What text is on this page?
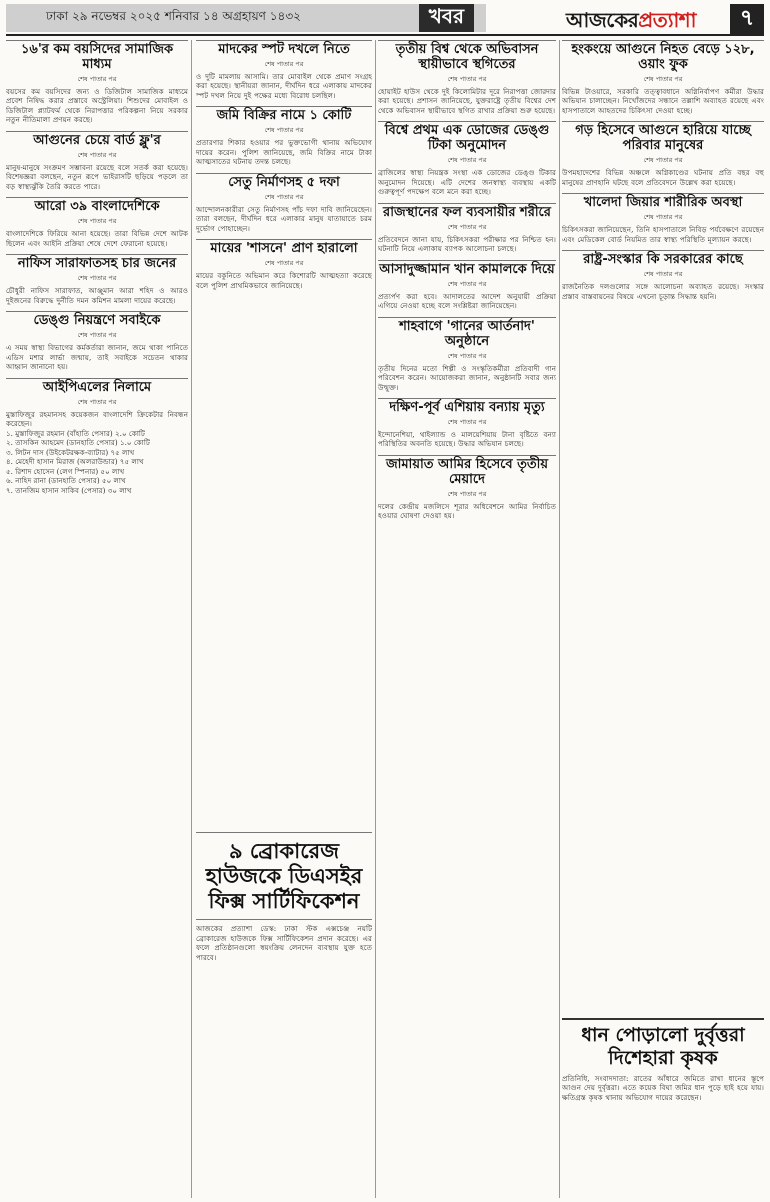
ঢাকা ২৯ নভেম্বর ২০২৫ শনিবার ১৪ অগ্রহায়ণ ১৪৩২	খবর	আজকেরপ্রত্যাশা	৭
১৬'র কম বয়সিদের সামাজিক মাধ্যম
শেষ পাতার পর

বয়সের কম বয়সিদের জন্য ও ডিজিটাল সামাজিক মাধ্যমে প্রবেশ নিষিদ্ধ করার প্রস্তাবে অস্ট্রেলিয়া। শিশুদের মোবাইল ও ডিজিটাল প্ল্যাটফর্ম থেকে নিরাপত্তার পরিকল্পনা নিয়ে সরকার নতুন নীতিমালা প্রণয়ন করছে।

আগুনের চেয়ে বার্ড ফ্লু'র
শেষ পাতার পর

মানুষ-মানুষে সংক্রমণ সম্ভাবনা রয়েছে বলে সতর্ক করা হয়েছে। বিশেষজ্ঞরা বলছেন, নতুন রূপে ভাইরাসটি ছড়িয়ে পড়লে তা বড় স্বাস্থ্যঝুঁকি তৈরি করতে পারে।

আরো ৩৯ বাংলাদেশিকে
শেষ পাতার পর

বাংলাদেশিকে ফিরিয়ে আনা হয়েছে। তারা বিভিন্ন দেশে আটক ছিলেন এবং আইনি প্রক্রিয়া শেষে দেশে ফেরানো হয়েছে।

নাফিস সারাফাতসহ চার জনের
শেষ পাতার পর

চৌধুরী নাফিস সারাফাত, আঞ্জুমান আরা শহিদ ও আরও দুইজনের বিরুদ্ধে দুর্নীতি দমন কমিশন মামলা দায়ের করেছে।

ডেঙ্গু নিয়ন্ত্রণে সবাইকে
শেষ পাতার পর

এ সময় স্বাস্থ্য বিভাগের কর্মকর্তারা জানান, জমে থাকা পানিতে এডিস মশার লার্ভা জন্মায়, তাই সবাইকে সচেতন থাকার আহ্বান জানানো হয়।

আইপিএলের নিলামে
শেষ পাতার পর

মুস্তাফিজুর রহমানসহ কয়েকজন বাংলাদেশি ক্রিকেটার নিবন্ধন করেছেন।

১. মুস্তাফিজুর রহমান (বাঁহাতি পেসার) ২.০ কোটি
২. তাসকিন আহমেদ (ডানহাতি পেসার) ১.০ কোটি
৩. লিটন দাস (উইকেটরক্ষক-ব্যাটার) ৭৫ লাখ
৪. মেহেদী হাসান মিরাজ (অলরাউন্ডার) ৭৫ লাখ
৫. রিশাদ হোসেন (লেগ স্পিনার) ৫০ লাখ
৬. নাহিদ রানা (ডানহাতি পেসার) ৫০ লাখ
৭. তানজিম হাসান সাকিব (পেসার) ৩০ লাখ
মাদকের স্পট দখলে নিতে
শেষ পাতার পর

ও দুটি মামলায় আসামি। তার মোবাইল থেকে প্রমাণ সংগ্রহ করা হয়েছে। স্থানীয়রা জানান, দীর্ঘদিন ধরে এলাকায় মাদকের স্পট দখল নিয়ে দুই পক্ষের মধ্যে বিরোধ চলছিল।

জমি বিক্রির নামে ১ কোটি
শেষ পাতার পর

প্রতারণার শিকার হওয়ার পর ভুক্তভোগী থানায় অভিযোগ দায়ের করেন। পুলিশ জানিয়েছে, জমি বিক্রির নামে টাকা আত্মসাতের ঘটনায় তদন্ত চলছে।

সেতু নির্মাণসহ ৫ দফা
শেষ পাতার পর

আন্দোলনকারীরা সেতু নির্মাণসহ পাঁচ দফা দাবি জানিয়েছেন। তারা বলছেন, দীর্ঘদিন ধরে এলাকার মানুষ যাতায়াতে চরম দুর্ভোগ পোহাচ্ছেন।

মায়ের 'শাসনে' প্রাণ হারালো
শেষ পাতার পর

মায়ের বকুনিতে অভিমান করে কিশোরটি আত্মহত্যা করেছে বলে পুলিশ প্রাথমিকভাবে জানিয়েছে।

৯ ব্রোকারেজ হাউজকে ডিএসইর ফিক্স সার্টিফিকেশন

আজকের প্রত্যাশা ডেস্ক: ঢাকা স্টক এক্সচেঞ্জ নয়টি ব্রোকারেজ হাউজকে ফিক্স সার্টিফিকেশন প্রদান করেছে। এর ফলে প্রতিষ্ঠানগুলো স্বয়ংক্রিয় লেনদেন ব্যবস্থায় যুক্ত হতে পারবে।

তৃতীয় বিশ্ব থেকে অভিবাসন স্থায়ীভাবে স্থগিতের
শেষ পাতার পর

হোয়াইট হাউস থেকে দুই কিলোমিটার দূরে নিরাপত্তা জোরদার করা হয়েছে। প্রশাসন জানিয়েছে, যুক্তরাষ্ট্রে তৃতীয় বিশ্বের দেশ থেকে অভিবাসন স্থায়ীভাবে স্থগিত রাখার প্রক্রিয়া শুরু হয়েছে।

বিশ্বে প্রথম এক ডোজের ডেঙ্গু টিকা অনুমোদন
শেষ পাতার পর

ব্রাজিলের স্বাস্থ্য নিয়ন্ত্রক সংস্থা এক ডোজের ডেঙ্গু টিকার অনুমোদন দিয়েছে। এটি দেশের জনস্বাস্থ্য ব্যবস্থায় একটি গুরুত্বপূর্ণ পদক্ষেপ বলে মনে করা হচ্ছে।

রাজস্থানের ফল ব্যবসায়ীর শরীরে
শেষ পাতার পর

প্রতিবেদনে জানা যায়, চিকিৎসকরা পরীক্ষার পর নিশ্চিত হন। ঘটনাটি নিয়ে এলাকায় ব্যাপক আলোচনা চলছে।

আসাদুজ্জামান খান কামালকে দিয়ে
শেষ পাতার পর

প্রত্যর্পণ করা হবে। আদালতের আদেশ অনুযায়ী প্রক্রিয়া এগিয়ে নেওয়া হচ্ছে বলে সংশ্লিষ্টরা জানিয়েছেন।

শাহবাগে 'গানের আর্তনাদ' অনুষ্ঠানে
শেষ পাতার পর

তৃতীয় দিনের মতো শিল্পী ও সংস্কৃতিকর্মীরা প্রতিবাদী গান পরিবেশন করেন। আয়োজকরা জানান, অনুষ্ঠানটি সবার জন্য উন্মুক্ত।

দক্ষিণ-পূর্ব এশিয়ায় বন্যায় মৃত্যু
শেষ পাতার পর

ইন্দোনেশিয়া, থাইল্যান্ড ও মালয়েশিয়ায় টানা বৃষ্টিতে বন্যা পরিস্থিতির অবনতি হয়েছে। উদ্ধার অভিযান চলছে।

জামায়াত আমির হিসেবে তৃতীয় মেয়াদে
শেষ পাতার পর

দলের কেন্দ্রীয় মজলিসে শূরার অধিবেশনে আমির নির্বাচিত হওয়ার ঘোষণা দেওয়া হয়।

হংকংয়ে আগুনে নিহত বেড়ে ১২৮, ওয়াং ফুক
শেষ পাতার পর

বিভিন্ন টাওয়ারে, সরকারি তত্ত্বাবধানে অগ্নিনির্বাপণ কর্মীরা উদ্ধার অভিযান চালাচ্ছেন। নিখোঁজদের সন্ধানে তল্লাশি অব্যাহত রয়েছে এবং হাসপাতালে আহতদের চিকিৎসা দেওয়া হচ্ছে।

গড় হিসেবে আগুনে হারিয়ে যাচ্ছে পরিবার মানুষের
শেষ পাতার পর

উপমহাদেশের বিভিন্ন অঞ্চলে অগ্নিকাণ্ডের ঘটনায় প্রতি বছর বহু মানুষের প্রাণহানি ঘটছে বলে প্রতিবেদনে উল্লেখ করা হয়েছে।

খালেদা জিয়ার শারীরিক অবস্থা
শেষ পাতার পর

চিকিৎসকরা জানিয়েছেন, তিনি হাসপাতালে নিবিড় পর্যবেক্ষণে রয়েছেন এবং মেডিকেল বোর্ড নিয়মিত তার স্বাস্থ্য পরিস্থিতি মূল্যায়ন করছে।

রাষ্ট্র-সংস্কার কি সরকারের কাছে
শেষ পাতার পর

রাজনৈতিক দলগুলোর সঙ্গে আলোচনা অব্যাহত রয়েছে। সংস্কার প্রস্তাব বাস্তবায়নের বিষয়ে এখনো চূড়ান্ত সিদ্ধান্ত হয়নি।

ধান পোড়ালো দুর্বৃত্তরা দিশেহারা কৃষক

প্রতিনিধি, সংবাদদাতা: রাতের আঁধারে জমিতে রাখা ধানের স্তূপে আগুন দেয় দুর্বৃত্তরা। এতে কয়েক বিঘা জমির ধান পুড়ে ছাই হয়ে যায়। ক্ষতিগ্রস্ত কৃষক থানায় অভিযোগ দায়ের করেছেন।
